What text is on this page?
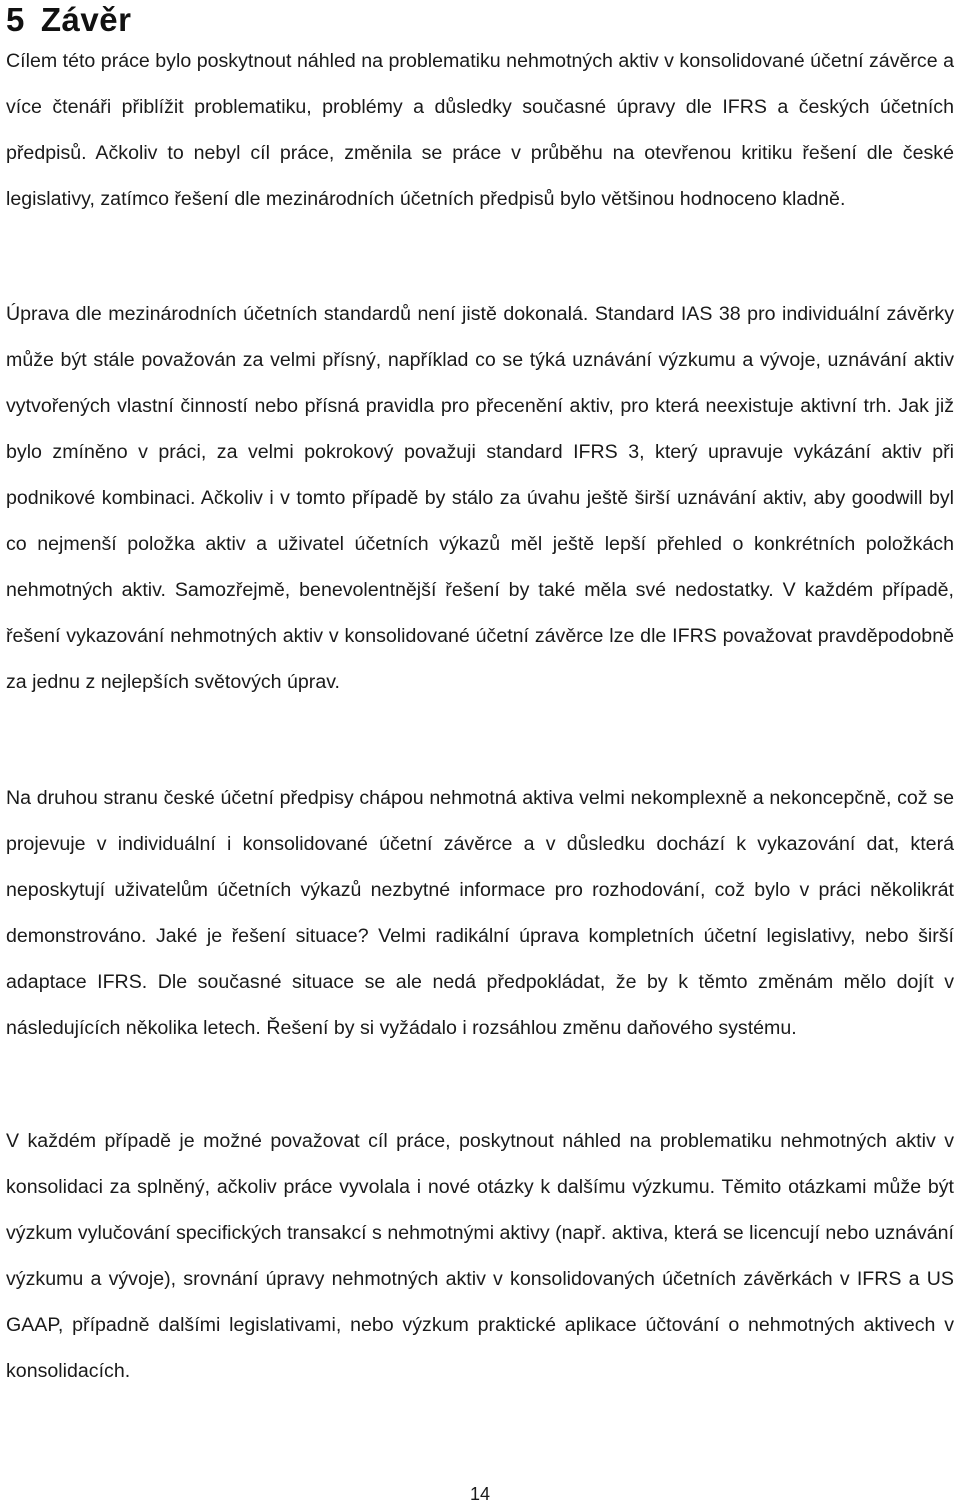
5 Závěr

Cílem této práce bylo poskytnout náhled na problematiku nehmotných aktiv v konsolidované účetní závěrce a více čtenáři přiblížit problematiku, problémy a důsledky současné úpravy dle IFRS a českých účetních předpisů. Ačkoliv to nebyl cíl práce, změnila se práce v průběhu na otevřenou kritiku řešení dle české legislativy, zatímco řešení dle mezinárodních účetních předpisů bylo většinou hodnoceno kladně.

Úprava dle mezinárodních účetních standardů není jistě dokonalá. Standard IAS 38 pro individuální závěrky může být stále považován za velmi přísný, například co se týká uznávání výzkumu a vývoje, uznávání aktiv vytvořených vlastní činností nebo přísná pravidla pro přecenění aktiv, pro která neexistuje aktivní trh. Jak již bylo zmíněno v práci, za velmi pokrokový považuji standard IFRS 3, který upravuje vykázání aktiv při podnikové kombinaci. Ačkoliv i v tomto případě by stálo za úvahu ještě širší uznávání aktiv, aby goodwill byl co nejmenší položka aktiv a uživatel účetních výkazů měl ještě lepší přehled o konkrétních položkách nehmotných aktiv. Samozřejmě, benevolentnější řešení by také měla své nedostatky. V každém případě, řešení vykazování nehmotných aktiv v konsolidované účetní závěrce lze dle IFRS považovat pravděpodobně za jednu z nejlepších světových úprav.

Na druhou stranu české účetní předpisy chápou nehmotná aktiva velmi nekomplexně a nekoncepčně, což se projevuje v individuální i konsolidované účetní závěrce a v důsledku dochází k vykazování dat, která neposkytují uživatelům účetních výkazů nezbytné informace pro rozhodování, což bylo v práci několikrát demonstrováno. Jaké je řešení situace? Velmi radikální úprava kompletních účetní legislativy, nebo širší adaptace IFRS. Dle současné situace se ale nedá předpokládat, že by k těmto změnám mělo dojít v následujících několika letech. Řešení by si vyžádalo i rozsáhlou změnu daňového systému.

V každém případě je možné považovat cíl práce, poskytnout náhled na problematiku nehmotných aktiv v konsolidaci za splněný, ačkoliv práce vyvolala i nové otázky k dalšímu výzkumu. Těmito otázkami může být výzkum vylučování specifických transakcí s nehmotnými aktivy (např. aktiva, která se licencují nebo uznávání výzkumu a vývoje), srovnání úpravy nehmotných aktiv v konsolidovaných účetních závěrkách v IFRS a US GAAP, případně dalšími legislativami, nebo výzkum praktické aplikace účtování o nehmotných aktivech v konsolidacích.

14
